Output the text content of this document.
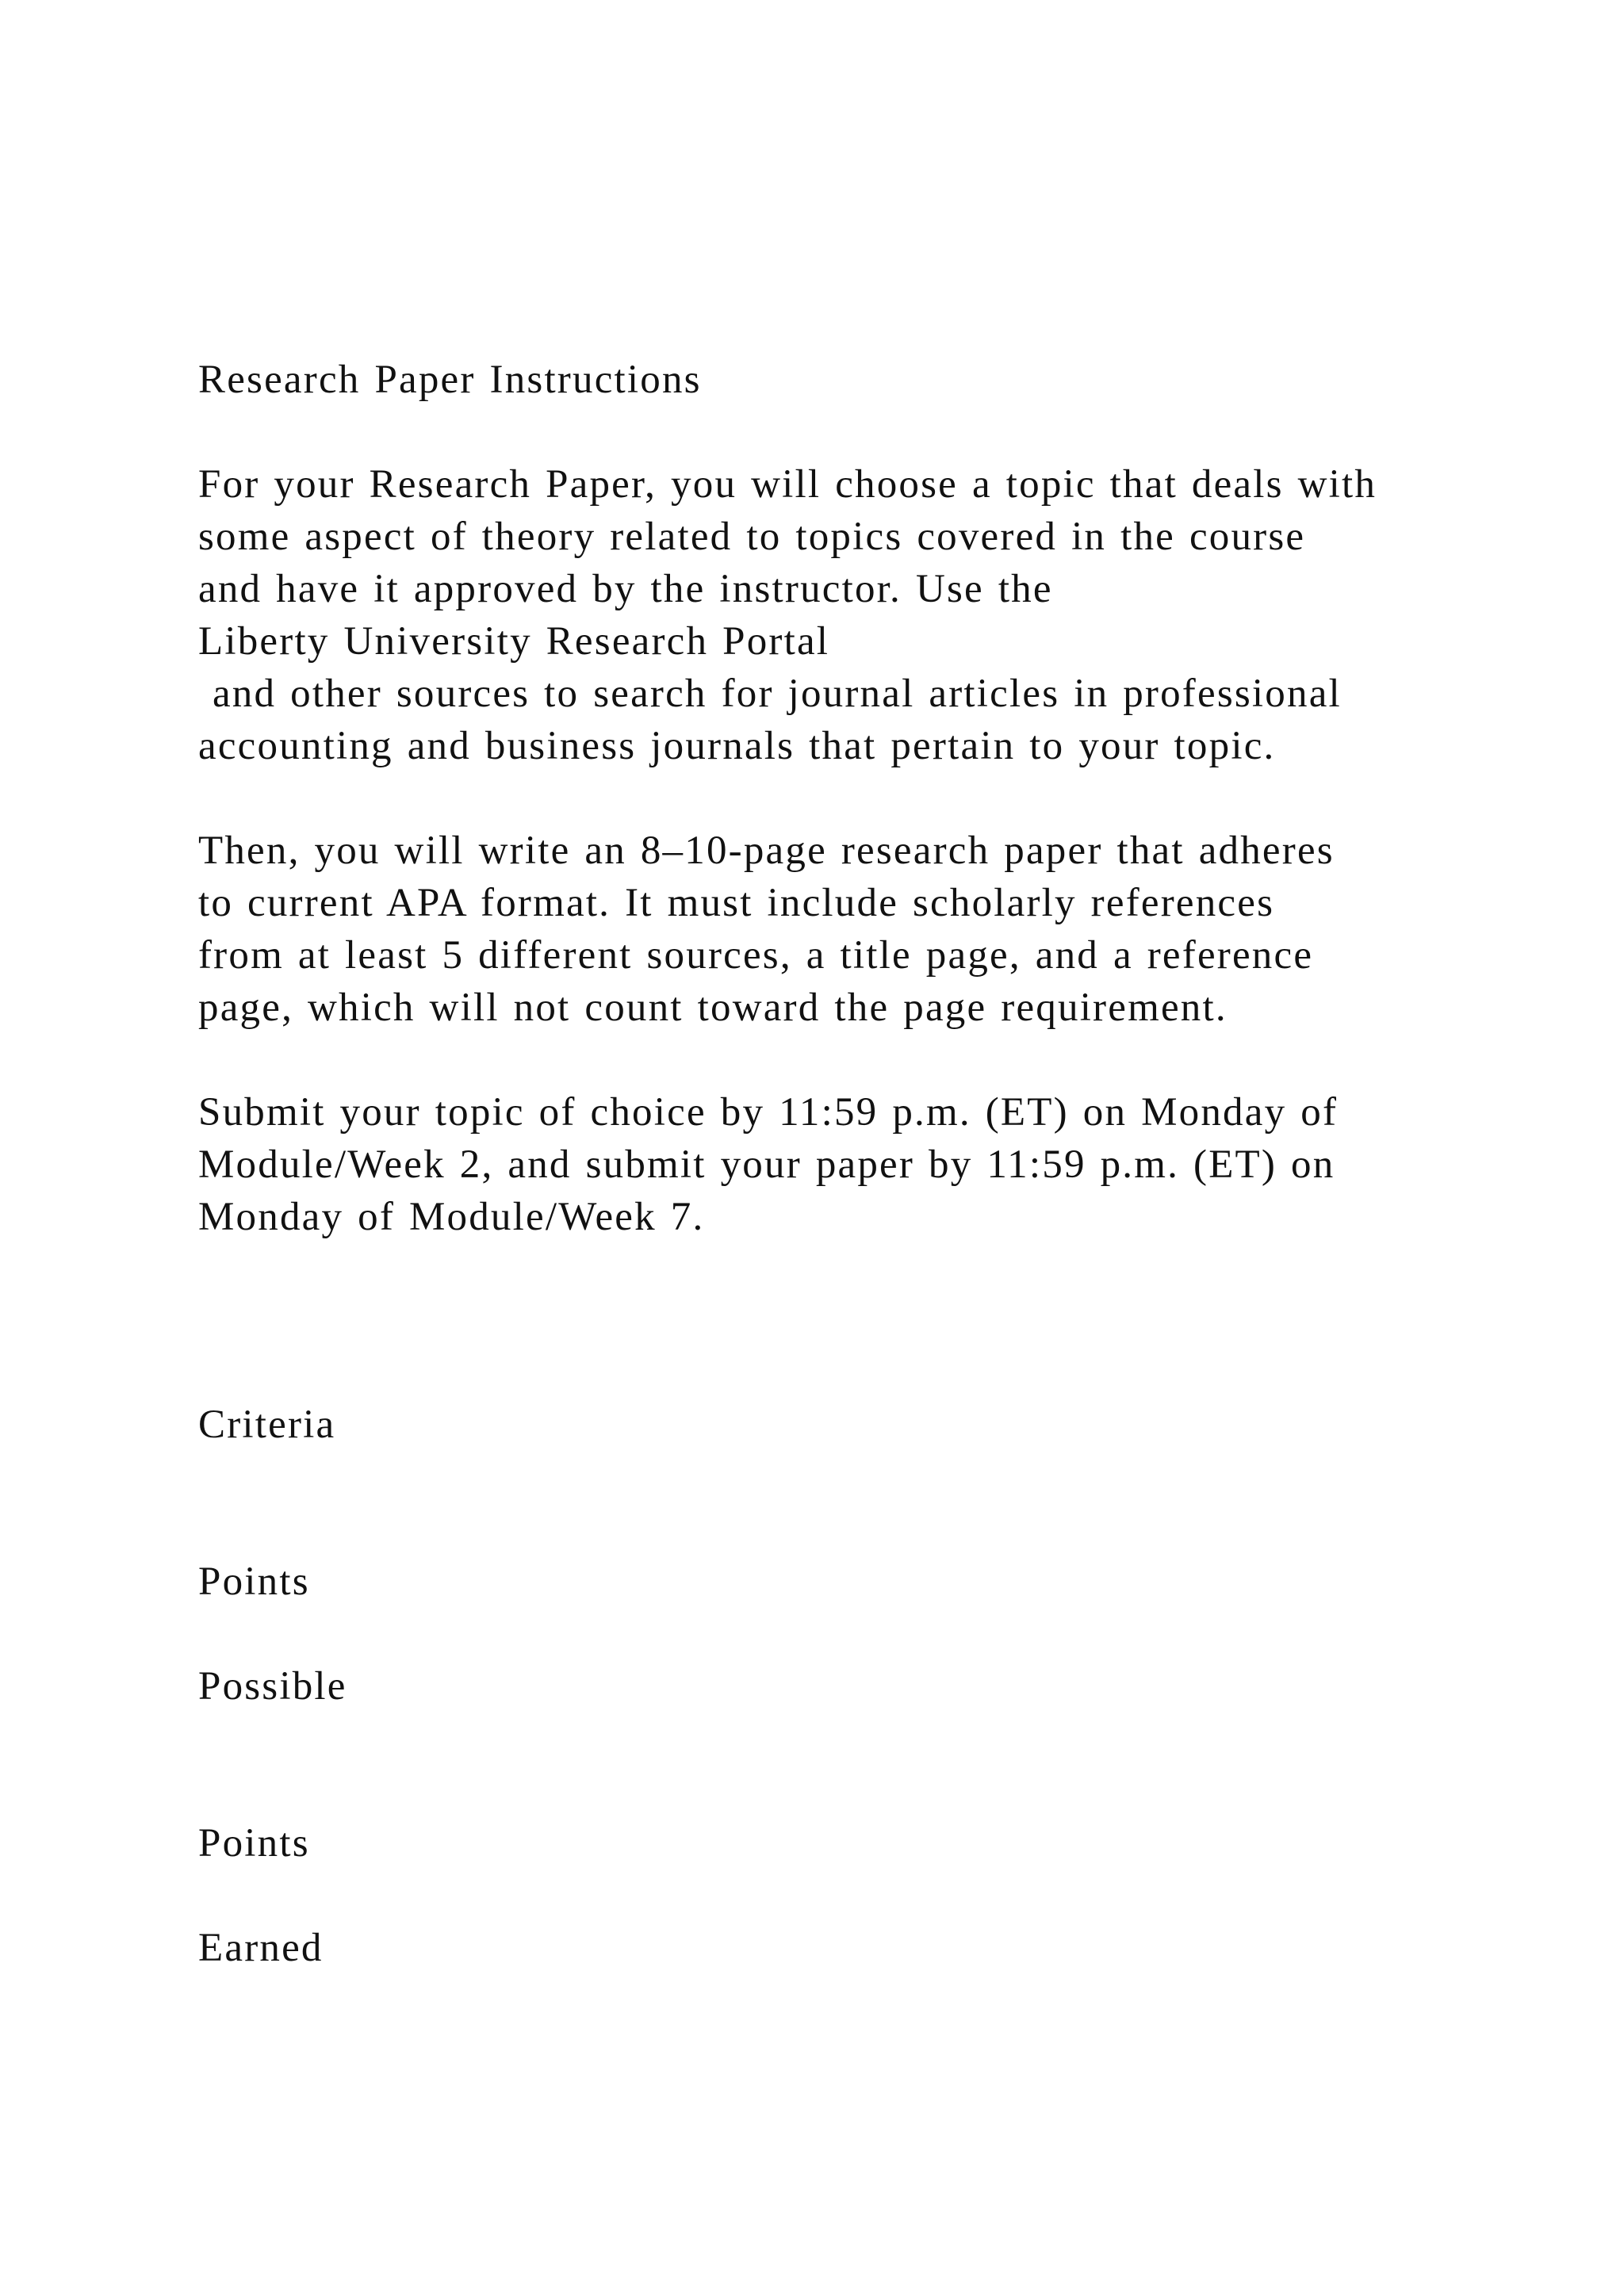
Research Paper Instructions

For your Research Paper, you will choose a topic that deals with

some aspect of theory related to topics covered in the course

and have it approved by the instructor. Use the

Liberty University Research Portal

and other sources to search for journal articles in professional

accounting and business journals that pertain to your topic.

Then, you will write an 8–10-page research paper that adheres

to current APA format. It must include scholarly references

from at least 5 different sources, a title page, and a reference

page, which will not count toward the page requirement.

Submit your topic of choice by 11:59 p.m. (ET) on Monday of

Module/Week 2, and submit your paper by 11:59 p.m. (ET) on

Monday of Module/Week 7.

Criteria

Points

Possible

Points

Earned
